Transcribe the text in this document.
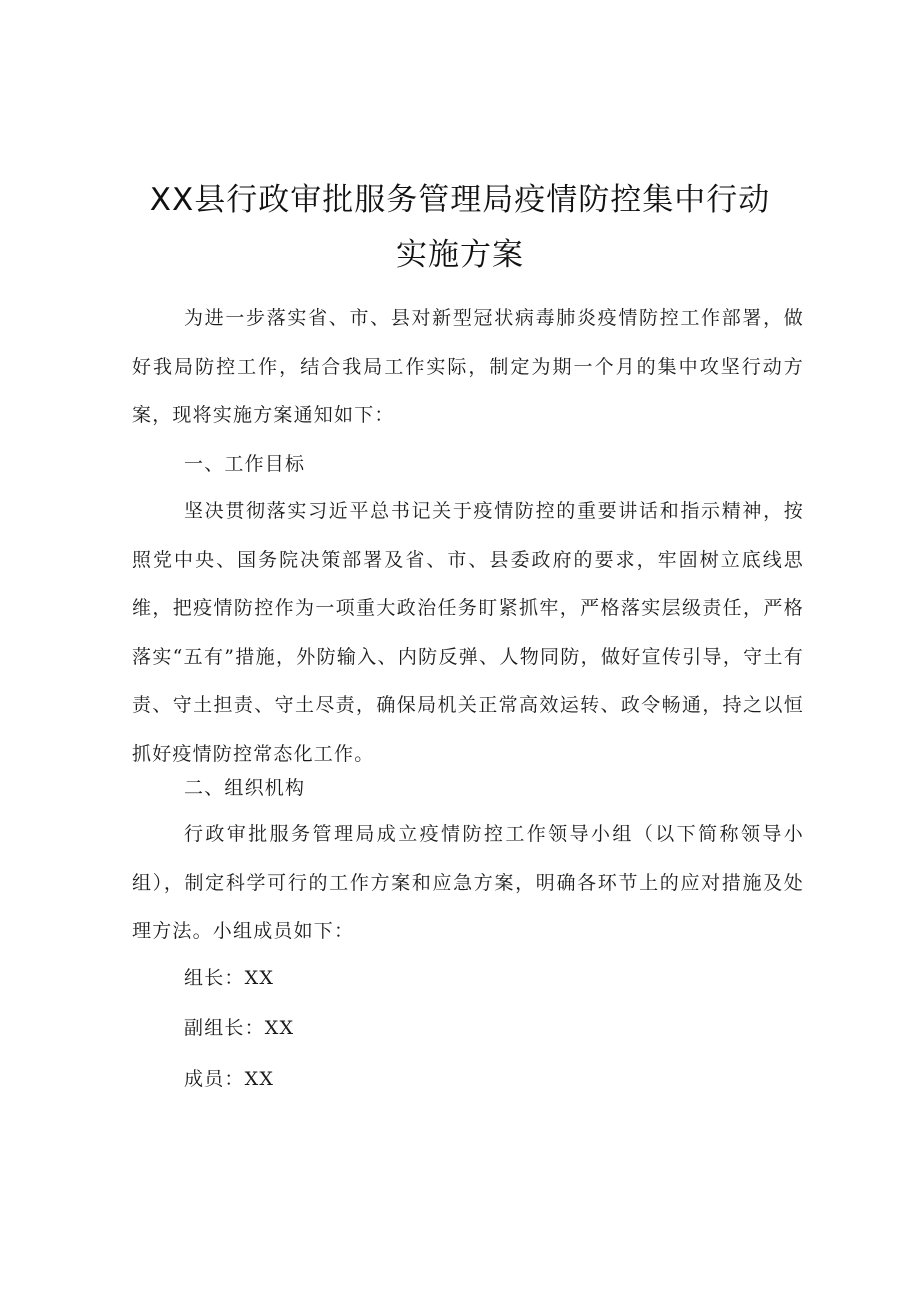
XX县行政审批服务管理局疫情防控集中行动
实施方案

为进一步落实省、市、县对新型冠状病毒肺炎疫情防控工作部署，做好我局防控工作，结合我局工作实际，制定为期一个月的集中攻坚行动方案，现将实施方案通知如下：

一、工作目标

坚决贯彻落实习近平总书记关于疫情防控的重要讲话和指示精神，按照党中央、国务院决策部署及省、市、县委政府的要求，牢固树立底线思维，把疫情防控作为一项重大政治任务盯紧抓牢，严格落实层级责任，严格落实“五有”措施，外防输入、内防反弹、人物同防，做好宣传引导，守土有责、守土担责、守土尽责，确保局机关正常高效运转、政令畅通，持之以恒抓好疫情防控常态化工作。

二、组织机构

行政审批服务管理局成立疫情防控工作领导小组（以下简称领导小组），制定科学可行的工作方案和应急方案，明确各环节上的应对措施及处理方法。小组成员如下：

组长：XX
副组长：XX
成员：XX
